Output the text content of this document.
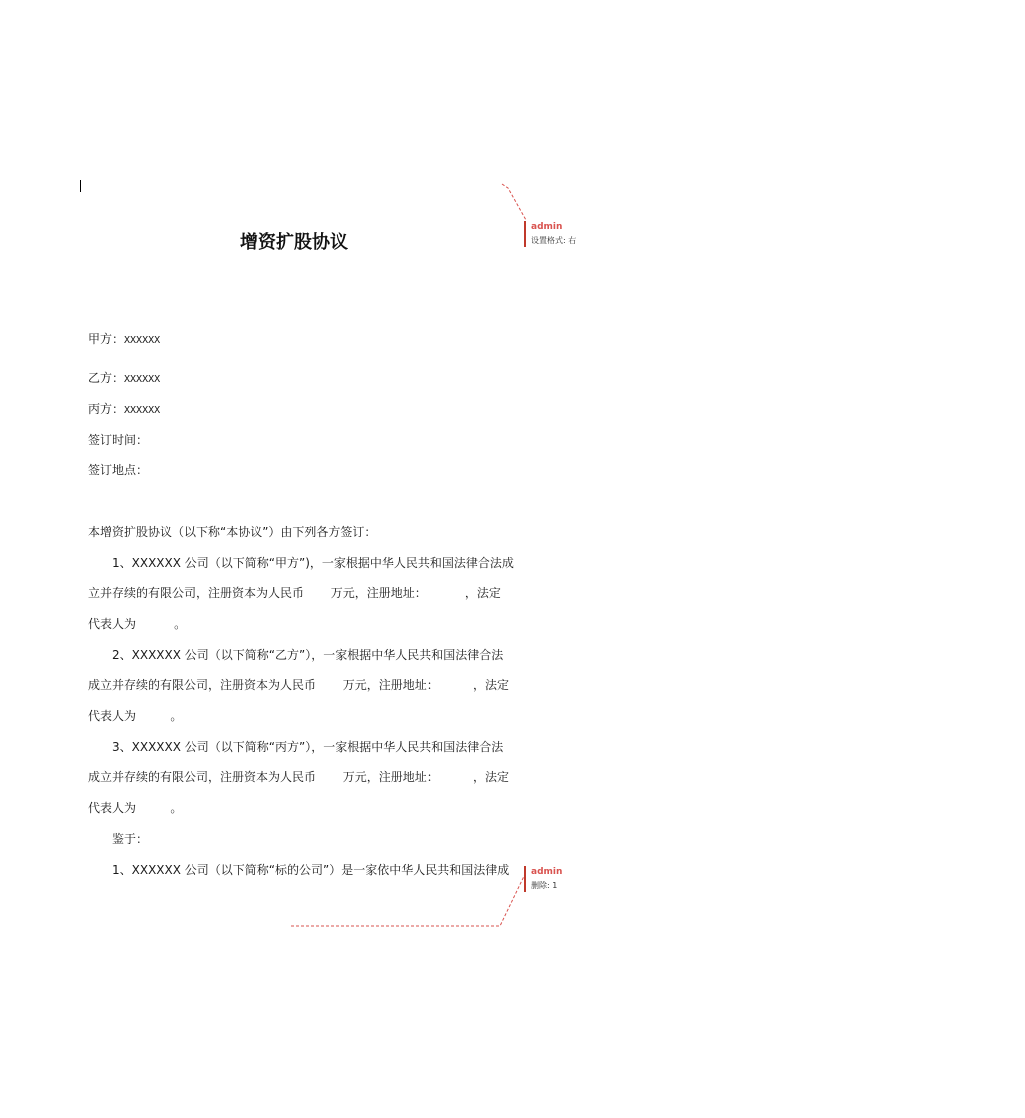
增资扩股协议
admin
设置格式: 右
甲方：XXXXXX
乙方：XXXXXX
丙方：XXXXXX
签订时间：
签订地点：
本增资扩股协议（以下称“本协议”）由下列各方签订：
1、XXXXXX 公司（以下简称“甲方”)，一家根据中华人民共和国法律合法成
立并存续的有限公司，注册资本为人民币       万元，注册地址：          ，法定
代表人为          。
2、XXXXXX 公司（以下简称“乙方”），一家根据中华人民共和国法律合法
成立并存续的有限公司，注册资本为人民币       万元，注册地址：         ，法定
代表人为         。
3、XXXXXX 公司（以下简称“丙方”），一家根据中华人民共和国法律合法
成立并存续的有限公司，注册资本为人民币       万元，注册地址：         ，法定
代表人为         。
鉴于：
1、XXXXXX 公司（以下简称“标的公司”）是一家依中华人民共和国法律成 admin
删除: 1
